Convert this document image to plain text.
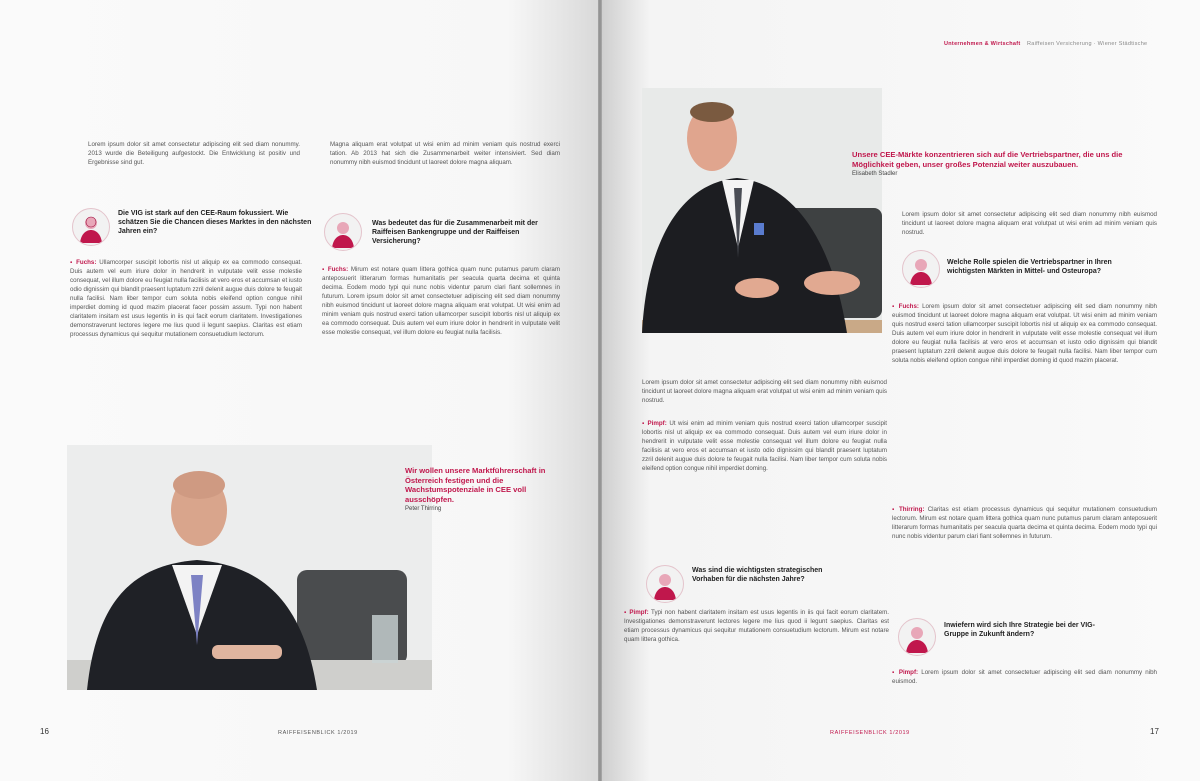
Lorem ipsum dolor sit amet consectetur adipiscing elit sed diam nonummy. 2013 wurde die Beteiligung aufgestockt. Die Entwicklung ist positiv und Ergebnisse sind gut.

Magna aliquam erat volutpat ut wisi enim ad minim veniam quis nostrud exerci tation. Ab 2013 hat sich die Zusammenarbeit weiter intensiviert. Sed diam nonummy nibh euismod tincidunt ut laoreet dolore magna aliquam.

Die VIG ist stark auf den CEE-Raum fokussiert. Wie schätzen Sie die Chancen dieses Marktes in den nächsten Jahren ein?

▪ Fuchs: Ullamcorper suscipit lobortis nisl ut aliquip ex ea commodo consequat. Duis autem vel eum iriure dolor in hendrerit in vulputate velit esse molestie consequat, vel illum dolore eu feugiat nulla facilisis at vero eros et accumsan et iusto odio dignissim qui blandit praesent luptatum zzril delenit augue duis dolore te feugait nulla facilisi. Nam liber tempor cum soluta nobis eleifend option congue nihil imperdiet doming id quod mazim placerat facer possim assum. Typi non habent claritatem insitam est usus legentis in iis qui facit eorum claritatem. Investigationes demonstraverunt lectores legere me lius quod ii legunt saepius. Claritas est etiam processus dynamicus qui sequitur mutationem consuetudium lectorum.

Was bedeutet das für die Zusammenarbeit mit der Raiffeisen Bankengruppe und der Raiffeisen Versicherung?

▪ Fuchs: Mirum est notare quam littera gothica quam nunc putamus parum claram anteposuerit litterarum formas humanitatis per seacula quarta decima et quinta decima. Eodem modo typi qui nunc nobis videntur parum clari fiant sollemnes in futurum. Lorem ipsum dolor sit amet consectetuer adipiscing elit sed diam nonummy nibh euismod tincidunt ut laoreet dolore magna aliquam erat volutpat. Ut wisi enim ad minim veniam quis nostrud exerci tation ullamcorper suscipit lobortis nisl ut aliquip ex ea commodo consequat. Duis autem vel eum iriure dolor in hendrerit in vulputate velit esse molestie consequat, vel illum dolore eu feugiat nulla facilisis.

Wir wollen unsere Marktführerschaft in Österreich festigen und die Wachstumspotenziale in CEE voll ausschöpfen.
Peter Thirring
16	RAIFFEISENBLICK 1/2019
Unternehmen & Wirtschaft Raiffeisen Versicherung · Wiener Städtische
Unsere CEE-Märkte konzentrieren sich auf die Vertriebspartner, die uns die Möglichkeit geben, unser großes Potenzial weiter auszubauen.
Elisabeth Stadler

Lorem ipsum dolor sit amet consectetur adipiscing elit sed diam nonummy nibh euismod tincidunt ut laoreet dolore magna aliquam erat volutpat ut wisi enim ad minim veniam quis nostrud.

Lorem ipsum dolor sit amet consectetur adipiscing elit sed diam nonummy nibh euismod tincidunt ut laoreet dolore magna aliquam erat volutpat ut wisi enim ad minim veniam quis nostrud.

▪ Pimpf: Ut wisi enim ad minim veniam quis nostrud exerci tation ullamcorper suscipit lobortis nisl ut aliquip ex ea commodo consequat. Duis autem vel eum iriure dolor in hendrerit in vulputate velit esse molestie consequat vel illum dolore eu feugiat nulla facilisis at vero eros et accumsan et iusto odio dignissim qui blandit praesent luptatum zzril delenit augue duis dolore te feugait nulla facilisi. Nam liber tempor cum soluta nobis eleifend option congue nihil imperdiet doming.

Was sind die wichtigsten strategischen Vorhaben für die nächsten Jahre?

▪ Pimpf: Typi non habent claritatem insitam est usus legentis in iis qui facit eorum claritatem. Investigationes demonstraverunt lectores legere me lius quod ii legunt saepius. Claritas est etiam processus dynamicus qui sequitur mutationem consuetudium lectorum. Mirum est notare quam littera gothica.

Welche Rolle spielen die Vertriebspartner in Ihren wichtigsten Märkten in Mittel- und Osteuropa?

▪ Fuchs: Lorem ipsum dolor sit amet consectetuer adipiscing elit sed diam nonummy nibh euismod tincidunt ut laoreet dolore magna aliquam erat volutpat. Ut wisi enim ad minim veniam quis nostrud exerci tation ullamcorper suscipit lobortis nisl ut aliquip ex ea commodo consequat. Duis autem vel eum iriure dolor in hendrerit in vulputate velit esse molestie consequat vel illum dolore eu feugiat nulla facilisis at vero eros et accumsan et iusto odio dignissim qui blandit praesent luptatum zzril delenit augue duis dolore te feugait nulla facilisi. Nam liber tempor cum soluta nobis eleifend option congue nihil imperdiet doming id quod mazim placerat.

▪ Thirring: Claritas est etiam processus dynamicus qui sequitur mutationem consuetudium lectorum. Mirum est notare quam littera gothica quam nunc putamus parum claram anteposuerit litterarum formas humanitatis per seacula quarta decima et quinta decima. Eodem modo typi qui nunc nobis videntur parum clari fiant sollemnes in futurum.

Inwiefern wird sich Ihre Strategie bei der VIG-Gruppe in Zukunft ändern?

▪ Pimpf: Lorem ipsum dolor sit amet consectetuer adipiscing elit sed diam nonummy nibh euismod.

RAIFFEISENBLICK 1/2019	17
